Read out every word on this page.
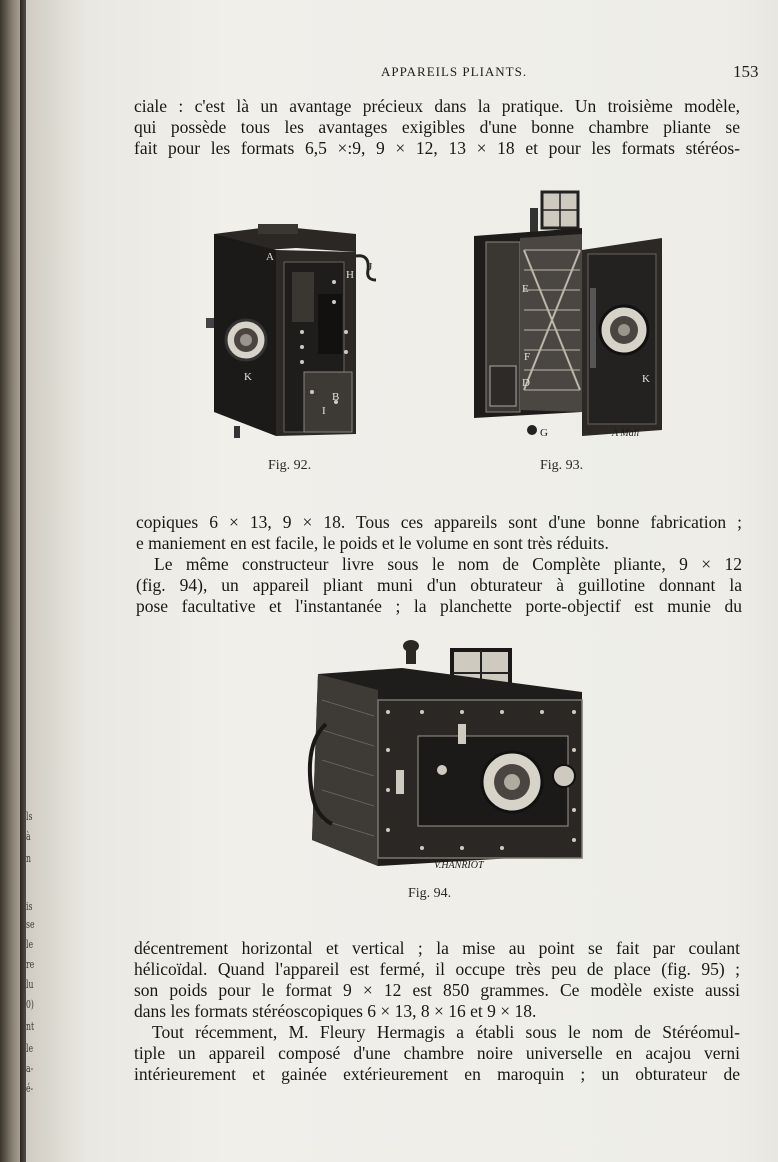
ls
à
n
is
se
le
re
lu
0)
nt
le
a-
é-
APPAREILS PLIANTS.	153
ciale : c'est là un avantage précieux dans la pratique. Un troisième modèle,
qui possède tous les avantages exigibles d'une bonne chambre pliante se
fait pour les formats 6,5 ×:9, 9 × 12, 13 × 18 et pour les formats stéréos-
A
H
K
B
I
J
E
F
D	K
G	A Mali
Fig. 92.	Fig. 93.
copiques 6 × 13, 9 × 18. Tous ces appareils sont d'une bonne fabrication ;
e maniement en est facile, le poids et le volume en sont très réduits.
Le même constructeur livre sous le nom de Complète pliante, 9 × 12
(fig. 94), un appareil pliant muni d'un obturateur à guillotine donnant la
pose facultative et l'instantanée ; la planchette porte-objectif est munie du
V.HANRIOT
Fig. 94.
décentrement horizontal et vertical ; la mise au point se fait par coulant
hélicoïdal. Quand l'appareil est fermé, il occupe très peu de place (fig. 95) ;
son poids pour le format 9 × 12 est 850 grammes. Ce modèle existe aussi
dans les formats stéréoscopiques 6 × 13, 8 × 16 et 9 × 18.
Tout récemment, M. Fleury Hermagis a établi sous le nom de Stéréomul-
tiple un appareil composé d'une chambre noire universelle en acajou verni
intérieurement et gainée extérieurement en maroquin ; un obturateur de
